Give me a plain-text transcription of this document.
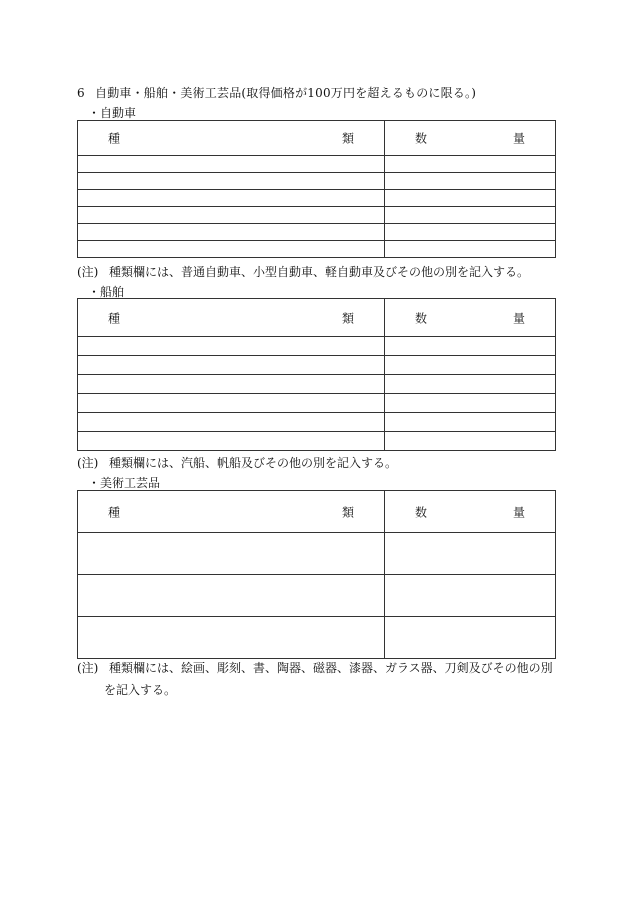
6 自動車・船舶・美術工芸品(取得価格が100万円を超えるものに限る。)
・自動車
種 類	数 量

(注) 種類欄には、普通自動車、小型自動車、軽自動車及びその他の別を記入する。
・船舶
種 類	数 量

(注) 種類欄には、汽船、帆船及びその他の別を記入する。
・美術工芸品
種 類	数 量

(注) 種類欄には、絵画、彫刻、書、陶器、磁器、漆器、ガラス器、刀剣及びその他の別
を記入する。
